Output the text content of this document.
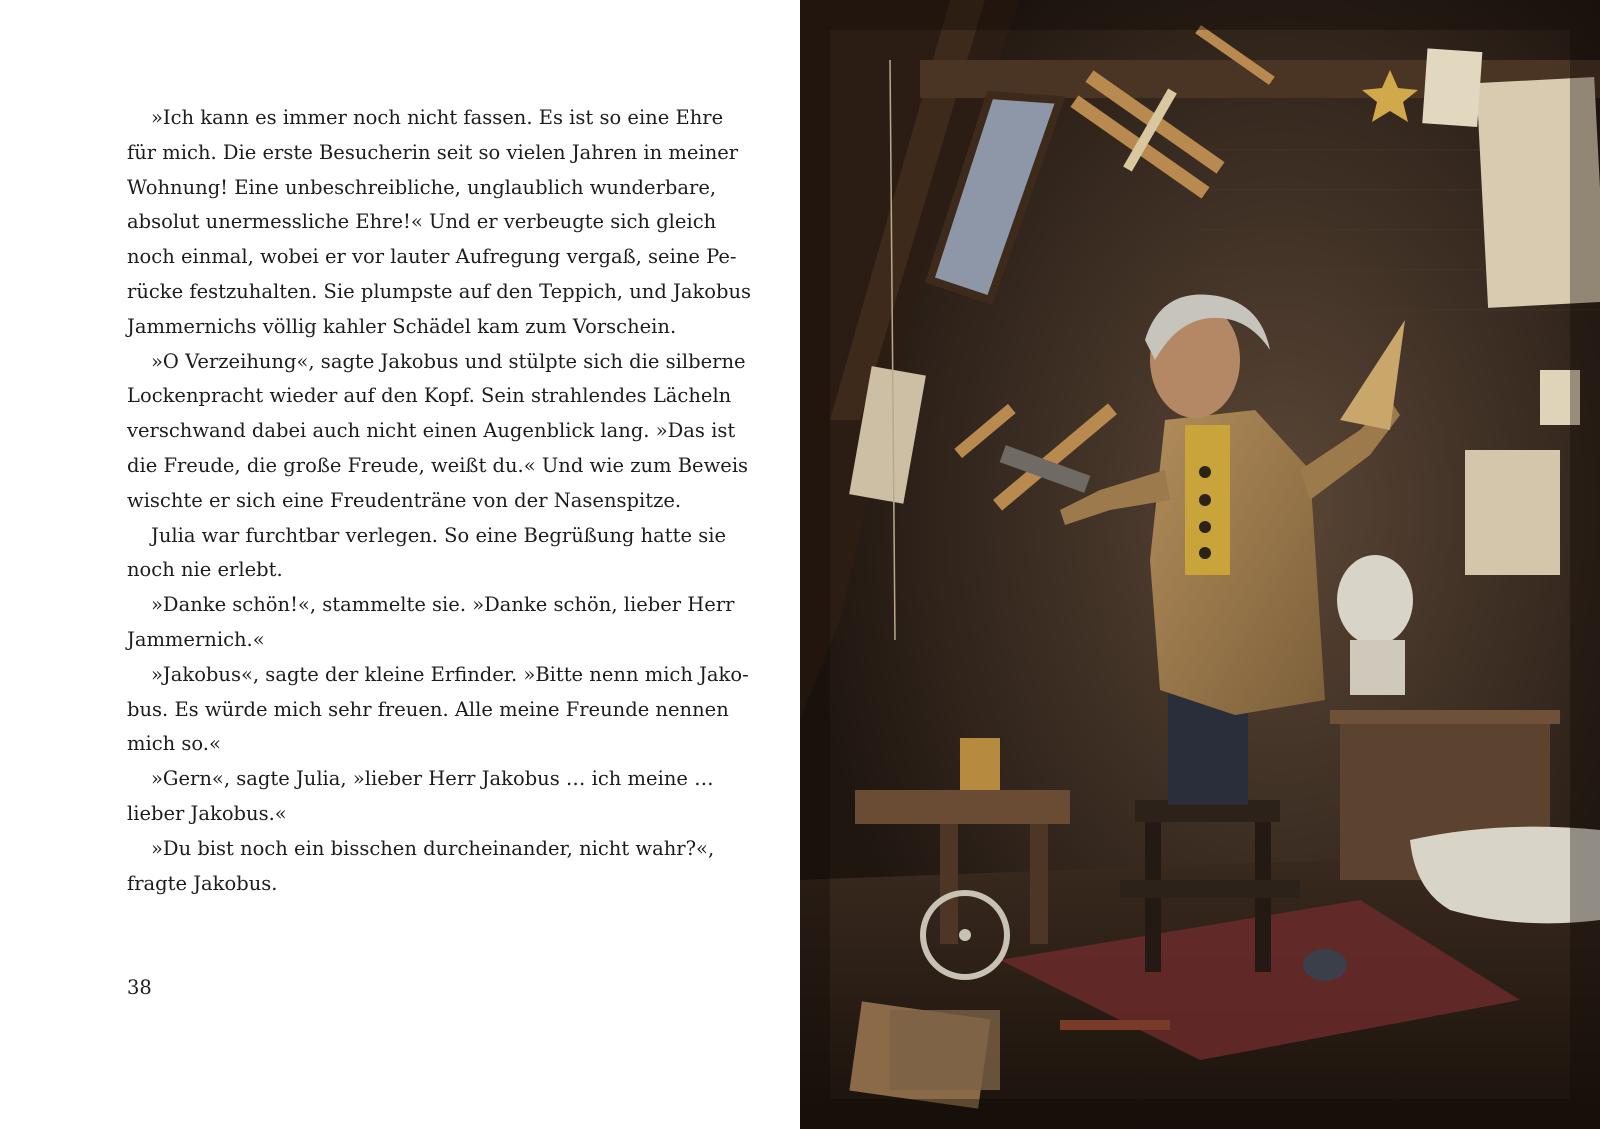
»Ich kann es immer noch nicht fassen. Es ist so eine Ehre
für mich. Die erste Besucherin seit so vielen Jahren in meiner
Wohnung! Eine unbeschreibliche, unglaublich wunderbare,
absolut unermessliche Ehre!« Und er verbeugte sich gleich
noch einmal, wobei er vor lauter Aufregung vergaß, seine Pe-
rücke festzuhalten. Sie plumpste auf den Teppich, und Jakobus
Jammernichs völlig kahler Schädel kam zum Vorschein.

»O Verzeihung«, sagte Jakobus und stülpte sich die silberne
Lockenpracht wieder auf den Kopf. Sein strahlendes Lächeln
verschwand dabei auch nicht einen Augenblick lang. »Das ist
die Freude, die große Freude, weißt du.« Und wie zum Beweis
wischte er sich eine Freudenträne von der Nasenspitze.

Julia war furchtbar verlegen. So eine Begrüßung hatte sie
noch nie erlebt.

»Danke schön!«, stammelte sie. »Danke schön, lieber Herr
Jammernich.«

»Jakobus«, sagte der kleine Erfinder. »Bitte nenn mich Jako-
bus. Es würde mich sehr freuen. Alle meine Freunde nennen
mich so.«

»Gern«, sagte Julia, »lieber Herr Jakobus … ich meine …
lieber Jakobus.«

»Du bist noch ein bisschen durcheinander, nicht wahr?«,
fragte Jakobus.

38
